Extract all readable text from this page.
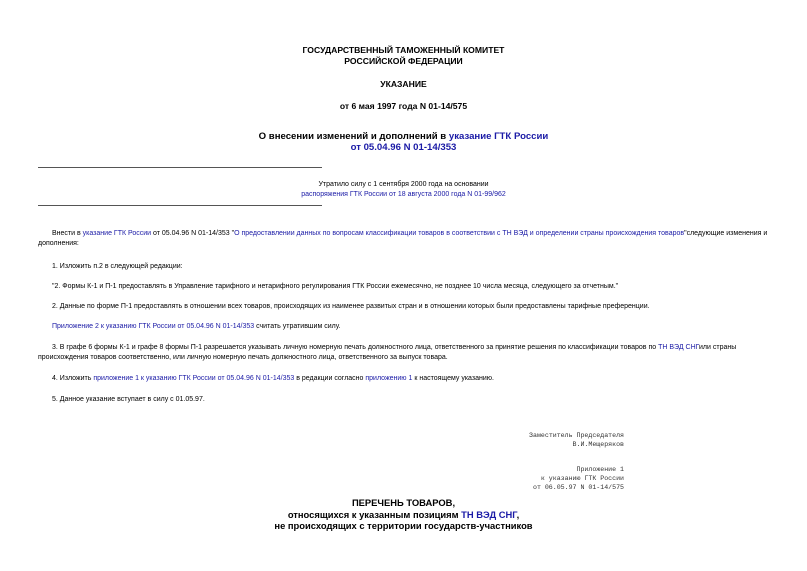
ГОСУДАРСТВЕННЫЙ ТАМОЖЕННЫЙ КОМИТЕТ
РОССИЙСКОЙ ФЕДЕРАЦИИ
УКАЗАНИЕ
от 6 мая 1997 года N 01-14/575
О внесении изменений и дополнений в указание ГТК России
от 05.04.96 N 01-14/353
Утратило силу с 1 сентября 2000 года на основании
распоряжения ГТК России от 18 августа 2000 года N 01-99/962
Внести в указание ГТК России от 05.04.96 N 01-14/353 "О предоставлении данных по вопросам классификации товаров в соответствии с ТН ВЭД и определении страны происхождения товаров"следующие изменения и дополнения:
1. Изложить п.2 в следующей редакции:
"2. Формы К-1 и П-1 предоставлять в Управление тарифного и нетарифного регулирования ГТК России ежемесячно, не позднее 10 числа месяца, следующего за отчетным."
2. Данные по форме П-1 предоставлять в отношении всех товаров, происходящих из наименее развитых стран и в отношении которых были предоставлены тарифные преференции.
Приложение 2 к указанию ГТК России от 05.04.96 N 01-14/353 считать утратившим силу.
3. В графе 6 формы К-1 и графе 8 формы П-1 разрешается указывать личную номерную печать должностного лица, ответственного за принятие решения по классификации товаров по ТН ВЭД СНГили страны происхождения товаров соответственно, или личную номерную печать должностного лица, ответственного за выпуск товара.
4. Изложить приложение 1 к указанию ГТК России от 05.04.96 N 01-14/353 в редакции согласно приложению 1 к настоящему указанию.
5. Данное указание вступает в силу с 01.05.97.
Заместитель Председателя
В.И.Мещеряков
Приложение 1
к указанию ГТК России
от 06.05.97 N 01-14/575
ПЕРЕЧЕНЬ ТОВАРОВ,
относящихся к указанным позициям ТН ВЭД СНГ,
не происходящих с территории государств-участников
